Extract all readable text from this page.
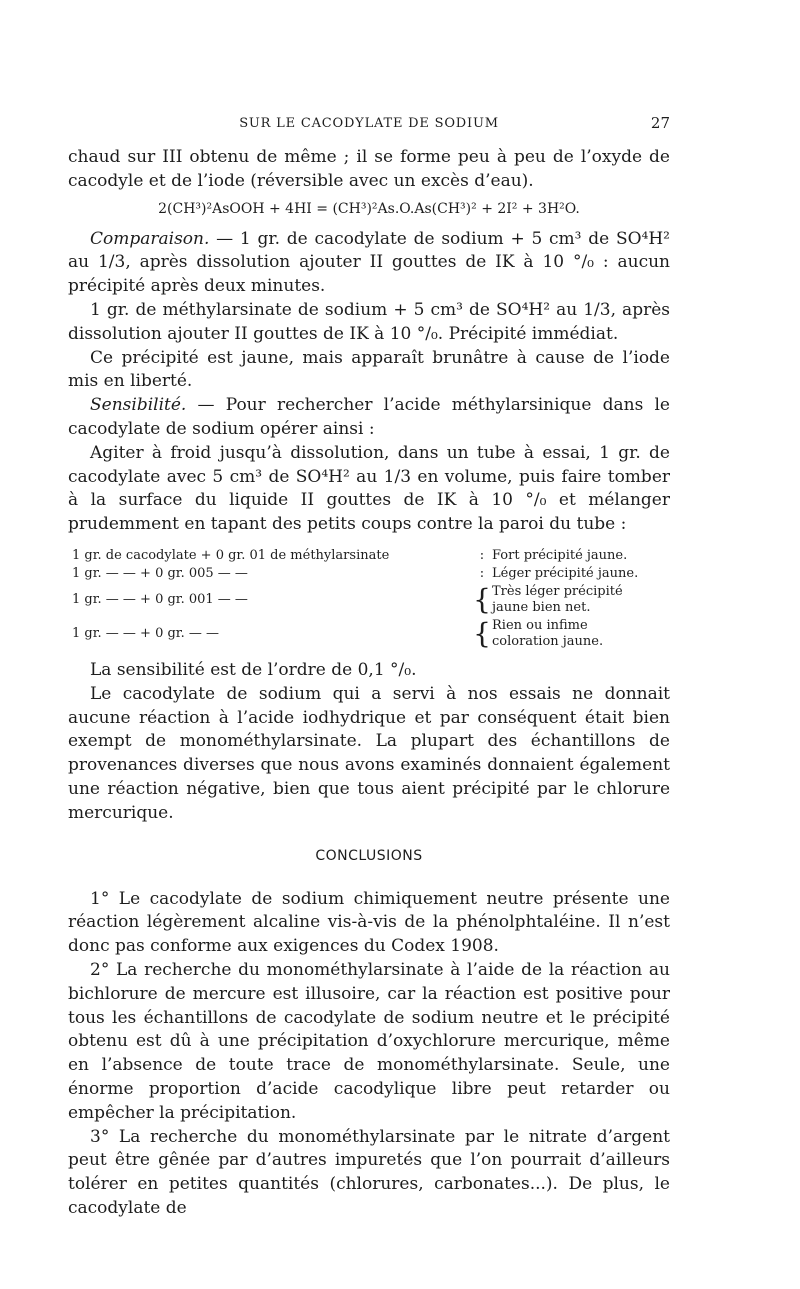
SUR LE CACODYLATE DE SODIUM	27

chaud sur III obtenu de même ; il se forme peu à peu de l’oxyde de cacodyle et de l’iode (réversible avec un excès d’eau).

2(CH³)²AsOOH + 4HI = (CH³)²As.O.As(CH³)² + 2I² + 3H²O.

Comparaison. — 1 gr. de cacodylate de sodium + 5 cm³ de SO⁴H² au 1/3, après dissolution ajouter II gouttes de IK à 10 °/₀ : aucun précipité après deux minutes.

1 gr. de méthylarsinate de sodium + 5 cm³ de SO⁴H² au 1/3, après dissolution ajouter II gouttes de IK à 10 °/₀. Précipité immédiat.

Ce précipité est jaune, mais apparaît brunâtre à cause de l’iode mis en liberté.

Sensibilité. — Pour rechercher l’acide méthylarsinique dans le cacodylate de sodium opérer ainsi :

Agiter à froid jusqu’à dissolution, dans un tube à essai, 1 gr. de cacodylate avec 5 cm³ de SO⁴H² au 1/3 en volume, puis faire tomber à la surface du liquide II gouttes de IK à 10 °/₀ et mélanger prudemment en tapant des petits coups contre la paroi du tube :

1 gr. de cacodylate + 0 gr. 01 de méthylarsinate	:	Fort précipité jaune.
1 gr. — — + 0 gr. 005 — —	:	Léger précipité jaune.
1 gr. — — + 0 gr. 001 — —	{	Très léger précipité jaune bien net.
1 gr. — — + 0 gr. — —	{	Rien ou infime coloration jaune.

La sensibilité est de l’ordre de 0,1 °/₀.

Le cacodylate de sodium qui a servi à nos essais ne donnait aucune réaction à l’acide iodhydrique et par conséquent était bien exempt de monométhylarsinate. La plupart des échantillons de provenances diverses que nous avons examinés donnaient également une réaction négative, bien que tous aient précipité par le chlorure mercurique.

CONCLUSIONS

1° Le cacodylate de sodium chimiquement neutre présente une réaction légèrement alcaline vis-à-vis de la phénolphtaléine. Il n’est donc pas conforme aux exigences du Codex 1908.

2° La recherche du monométhylarsinate à l’aide de la réaction au bichlorure de mercure est illusoire, car la réaction est positive pour tous les échantillons de cacodylate de sodium neutre et le précipité obtenu est dû à une précipitation d’oxychlorure mercurique, même en l’absence de toute trace de monométhylarsinate. Seule, une énorme proportion d’acide cacodylique libre peut retarder ou empêcher la précipitation.

3° La recherche du monométhylarsinate par le nitrate d’argent peut être gênée par d’autres impuretés que l’on pourrait d’ailleurs tolérer en petites quantités (chlorures, carbonates...). De plus, le cacodylate de
